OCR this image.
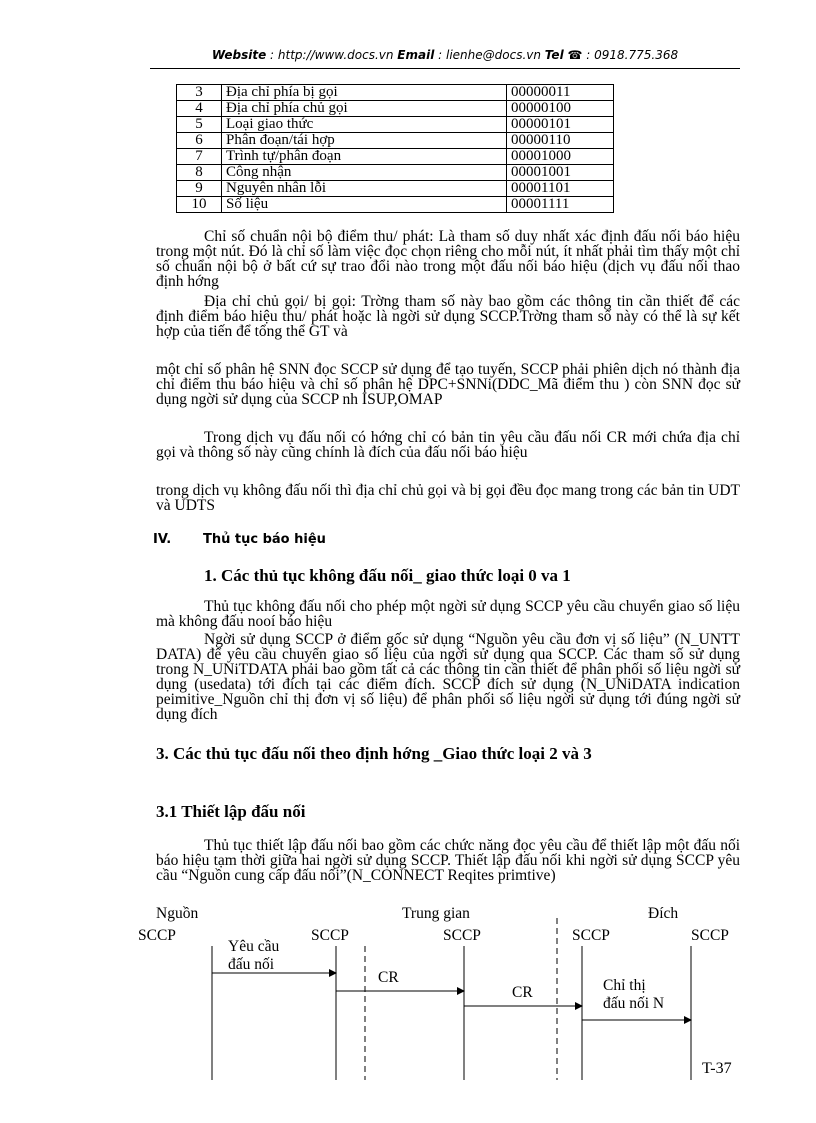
Website : http://www.docs.vn Email : lienhe@docs.vn Tel ☎ : 0918.775.368
3	Địa chỉ phía bị gọi	00000011
4	Địa chỉ phía chủ gọi	00000100
5	Loại giao thức	00000101
6	Phân đoạn/tái hợp	00000110
7	Trình tự/phân đoạn	00001000
8	Công nhận	00001001
9	Nguyên nhân lỗi	00001101
10	Số liệu	00001111
Chỉ số chuẩn nội bộ điểm thu/ phát: Là tham số duy nhất xác định đấu nối báo hiệu trong một nút. Đó là chỉ số làm việc đọc chọn riêng cho mỗi nút, ít nhất phải tìm thấy một chỉ số chuẩn nội bộ ở bất cứ sự trao đổi nào trong một đấu nối báo hiệu (dịch vụ đấu nối thao định hớng
Địa chỉ chủ gọi/ bị gọi: Trờng tham số này bao gồm các thông tin cần thiết để các định điểm báo hiệu thu/ phát hoặc là ngời sử dụng SCCP.Trờng tham số này có thể là sự kết hợp của tiến để tổng thể GT và
một chỉ số phân hệ SNN đọc SCCP sử dụng để tạo tuyến, SCCP phải phiên dịch nó thành địa chỉ điểm thu báo hiệu và chỉ số phân hệ DPC+SNNi(DDC_Mã điểm thu ) còn SNN đọc sử dụng ngời sử dụng của SCCP nh ISUP,OMAP
Trong dịch vụ đấu nối có hớng chỉ có bản tin yêu cầu đấu nối CR mới chứa địa chỉ gọi và thông số này cũng chính là đích của đấu nối báo hiệu
trong dịch vụ không đấu nối thì địa chỉ chủ gọi và bị gọi đều đọc mang trong các bản tin UDT và UDTS
IV. Thủ tục báo hiệu
1. Các thủ tục không đấu nối_ giao thức loại 0 va 1
Thủ tục không đấu nối cho phép một ngời sử dụng SCCP yêu cầu chuyển giao số liệu mà không đấu nooí báo hiệu
Ngời sử dụng SCCP ở điểm gốc sử dụng “Nguồn yêu cầu đơn vị số liệu” (N_UNTT DATA) để yêu cầu chuyển giao số liệu của ngời sử dụng qua SCCP. Các tham số sử dụng trong N_UNiTDATA phải bao gồm tất cả các thông tin cần thiết để phân phối số liệu ngời sử dụng (usedata) tới đích tại các điểm đích. SCCP đích sử dụng (N_UNiDATA indication peimitive_Nguồn chỉ thị đơn vị số liệu) để phân phối số liệu ngời sử dụng tới đúng ngời sử dụng đích
3. Các thủ tục đấu nối theo định hớng _Giao thức loại 2 và 3
3.1 Thiết lập đấu nối
Thủ tục thiết lập đấu nối bao gồm các chức năng đọc yêu cầu để thiết lập một đấu nối báo hiệu tạm thời giữa hai ngời sử dụng SCCP. Thiết lập đấu nối khi ngời sử dụng SCCP yêu cầu “Nguồn cung cấp đấu nối”(N_CONNECT Reqites primtive)
Nguồn	Trung gian	Đích
SCCP	SCCP	SCCP	SCCP	SCCP
Yêu cầu
đấu nối
CR
CR	Chỉ thị
đấu nối N
T-37
